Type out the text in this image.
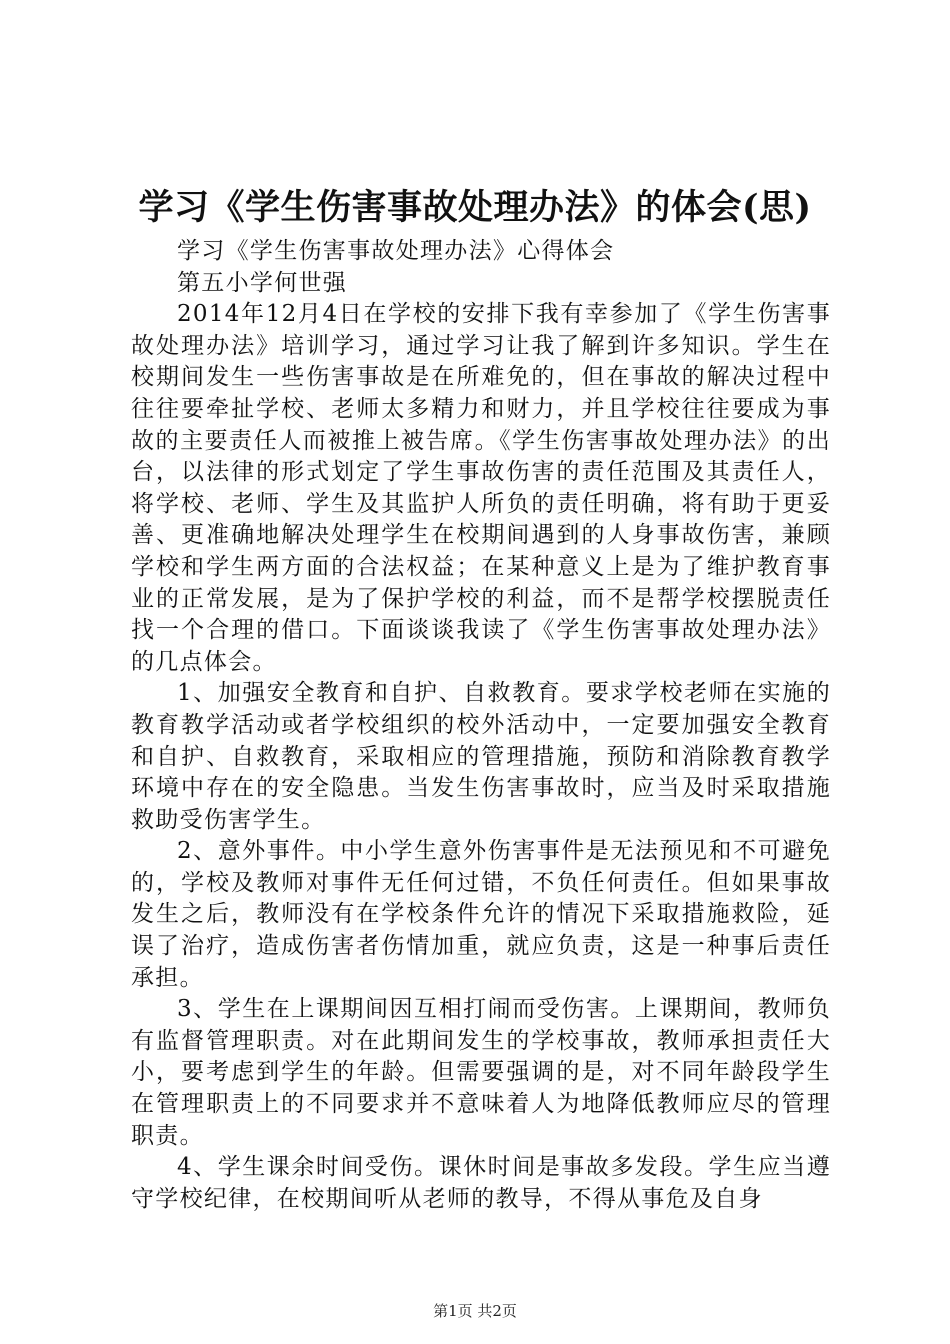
学习《学生伤害事故处理办法》的体会(思)

学习《学生伤害事故处理办法》心得体会

第五小学何世强

2014年12月4日在学校的安排下我有幸参加了《学生伤害事故处理办法》培训学习，通过学习让我了解到许多知识。学生在校期间发生一些伤害事故是在所难免的，但在事故的解决过程中往往要牵扯学校、老师太多精力和财力，并且学校往往要成为事故的主要责任人而被推上被告席。《学生伤害事故处理办法》的出台，以法律的形式划定了学生事故伤害的责任范围及其责任人，将学校、老师、学生及其监护人所负的责任明确，将有助于更妥善、更准确地解决处理学生在校期间遇到的人身事故伤害，兼顾学校和学生两方面的合法权益；在某种意义上是为了维护教育事业的正常发展，是为了保护学校的利益，而不是帮学校摆脱责任找一个合理的借口。下面谈谈我读了《学生伤害事故处理办法》的几点体会。

1、加强安全教育和自护、自救教育。要求学校老师在实施的教育教学活动或者学校组织的校外活动中，一定要加强安全教育和自护、自救教育，采取相应的管理措施，预防和消除教育教学环境中存在的安全隐患。当发生伤害事故时，应当及时采取措施救助受伤害学生。

2、意外事件。中小学生意外伤害事件是无法预见和不可避免的，学校及教师对事件无任何过错，不负任何责任。但如果事故发生之后，教师没有在学校条件允许的情况下采取措施救险，延误了治疗，造成伤害者伤情加重，就应负责，这是一种事后责任承担。

3、学生在上课期间因互相打闹而受伤害。上课期间，教师负有监督管理职责。对在此期间发生的学校事故，教师承担责任大小，要考虑到学生的年龄。但需要强调的是，对不同年龄段学生在管理职责上的不同要求并不意味着人为地降低教师应尽的管理职责。

4、学生课余时间受伤。课休时间是事故多发段。学生应当遵守学校纪律，在校期间听从老师的教导，不得从事危及自身

第1页 共2页
